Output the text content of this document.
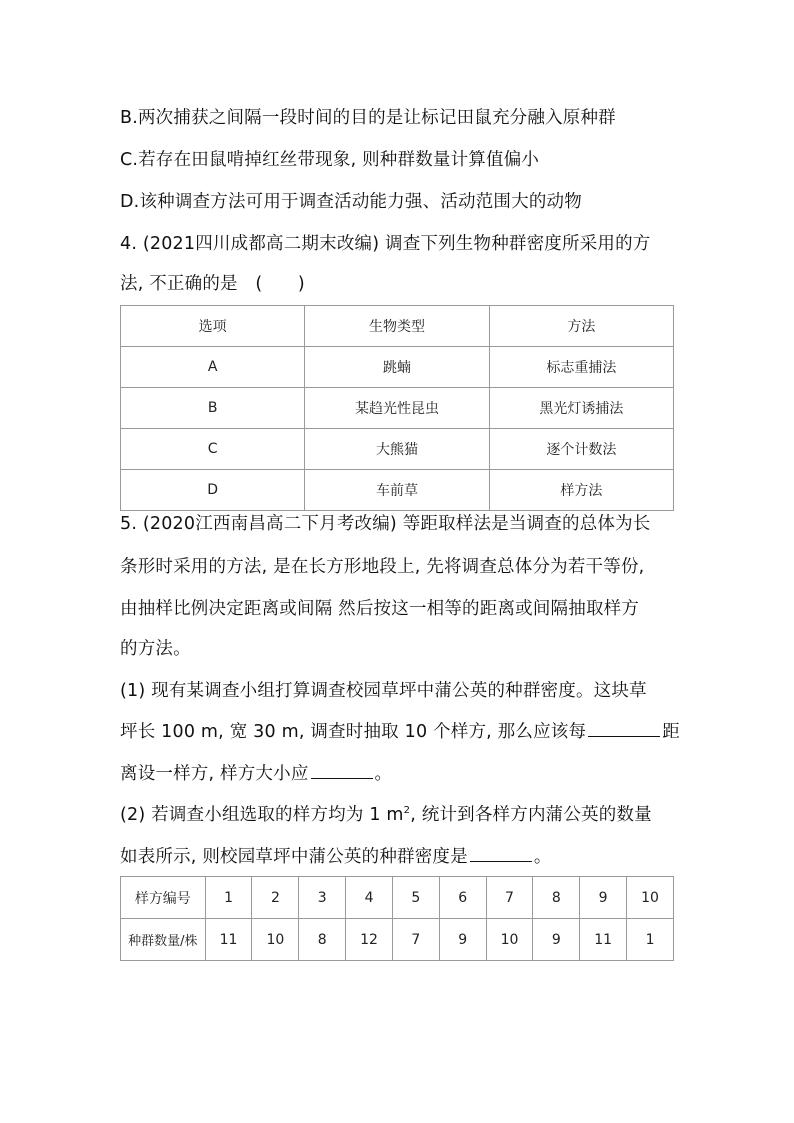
B.两次捕获之间隔一段时间的目的是让标记田鼠充分融入原种群
C.若存在田鼠啃掉红丝带现象, 则种群数量计算值偏小
D.该种调查方法可用于调查活动能力强、活动范围大的动物
4. (2021四川成都高二期末改编) 调查下列生物种群密度所采用的方
法, 不正确的是　(　　)
选项	生物类型	方法
A	跳蝻	标志重捕法
B	某趋光性昆虫	黑光灯诱捕法
C	大熊猫	逐个计数法
D	车前草	样方法
5. (2020江西南昌高二下月考改编) 等距取样法是当调查的总体为长
条形时采用的方法, 是在长方形地段上, 先将调查总体分为若干等份,
由抽样比例决定距离或间隔 然后按这一相等的距离或间隔抽取样方
的方法。
(1) 现有某调查小组打算调查校园草坪中蒲公英的种群密度。这块草
坪长 100 m, 宽 30 m, 调查时抽取 10 个样方, 那么应该每	距
离设一样方, 样方大小应	。
(2) 若调查小组选取的样方均为 1 $m^2$, 统计到各样方内蒲公英的数量
如表所示, 则校园草坪中蒲公英的种群密度是	。
样方编号	1	2	3	4	5	6	7	8	9	10
种群数量/株	11	10	8	12	7	9	10	9	11	1
